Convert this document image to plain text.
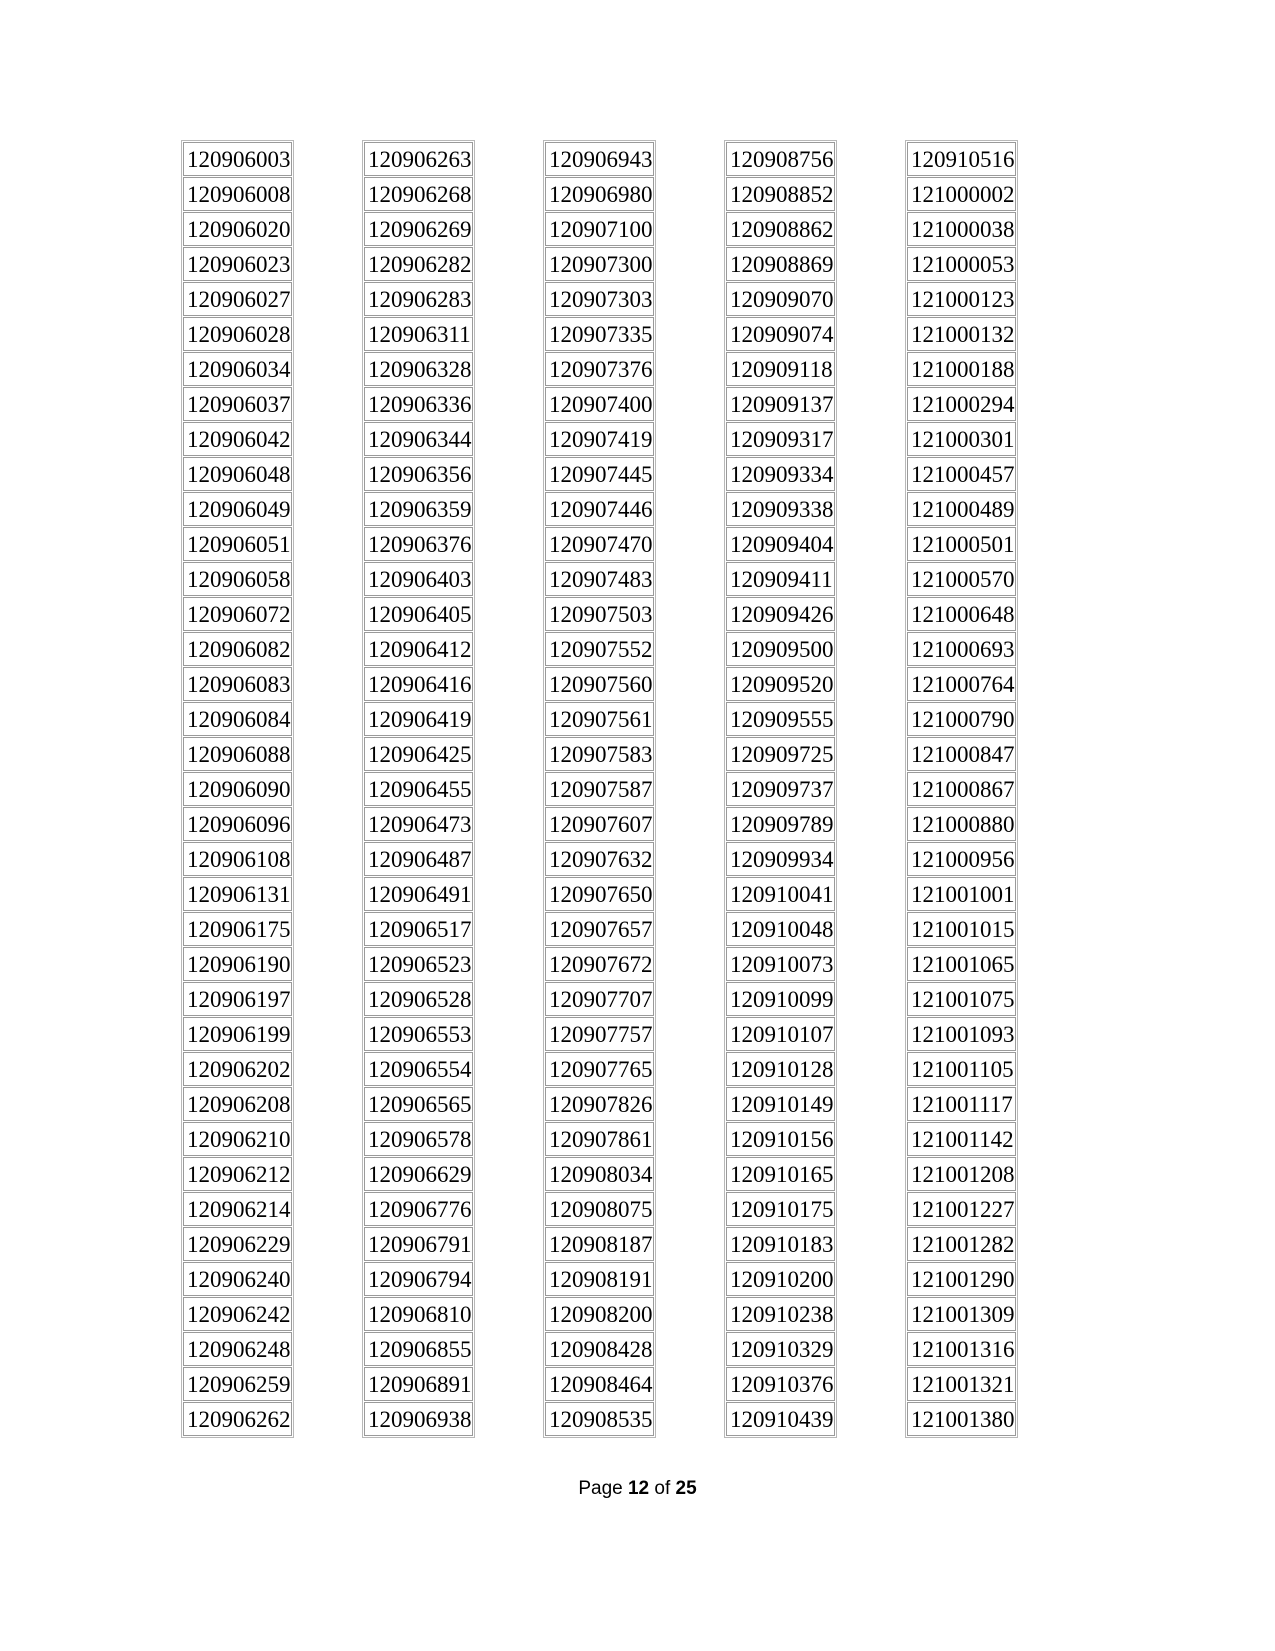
120906003
120906008
120906020
120906023
120906027
120906028
120906034
120906037
120906042
120906048
120906049
120906051
120906058
120906072
120906082
120906083
120906084
120906088
120906090
120906096
120906108
120906131
120906175
120906190
120906197
120906199
120906202
120906208
120906210
120906212
120906214
120906229
120906240
120906242
120906248
120906259
120906262
120906263
120906268
120906269
120906282
120906283
120906311
120906328
120906336
120906344
120906356
120906359
120906376
120906403
120906405
120906412
120906416
120906419
120906425
120906455
120906473
120906487
120906491
120906517
120906523
120906528
120906553
120906554
120906565
120906578
120906629
120906776
120906791
120906794
120906810
120906855
120906891
120906938
120906943
120906980
120907100
120907300
120907303
120907335
120907376
120907400
120907419
120907445
120907446
120907470
120907483
120907503
120907552
120907560
120907561
120907583
120907587
120907607
120907632
120907650
120907657
120907672
120907707
120907757
120907765
120907826
120907861
120908034
120908075
120908187
120908191
120908200
120908428
120908464
120908535
120908756
120908852
120908862
120908869
120909070
120909074
120909118
120909137
120909317
120909334
120909338
120909404
120909411
120909426
120909500
120909520
120909555
120909725
120909737
120909789
120909934
120910041
120910048
120910073
120910099
120910107
120910128
120910149
120910156
120910165
120910175
120910183
120910200
120910238
120910329
120910376
120910439
120910516
121000002
121000038
121000053
121000123
121000132
121000188
121000294
121000301
121000457
121000489
121000501
121000570
121000648
121000693
121000764
121000790
121000847
121000867
121000880
121000956
121001001
121001015
121001065
121001075
121001093
121001105
121001117
121001142
121001208
121001227
121001282
121001290
121001309
121001316
121001321
121001380
Page 12 of 25
